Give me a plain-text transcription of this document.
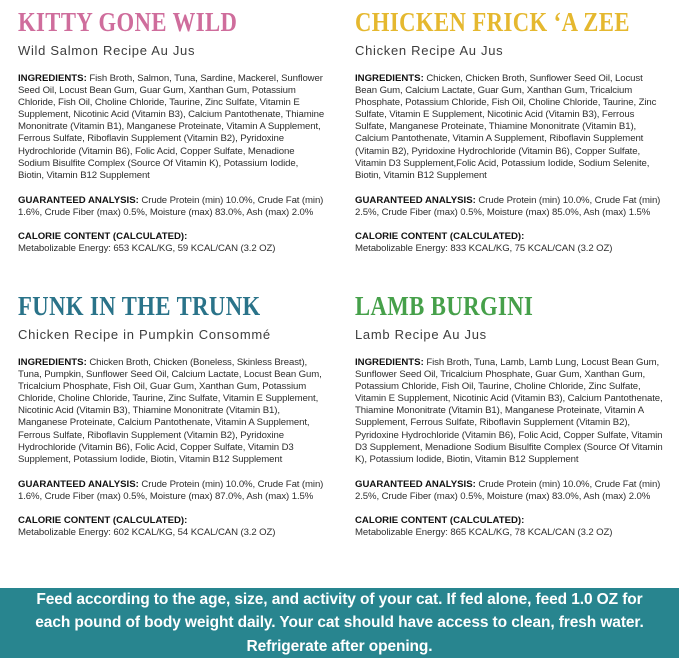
KITTY GONE WILD
Wild Salmon Recipe Au Jus

INGREDIENTS: Fish Broth, Salmon, Tuna, Sardine, Mackerel, Sunflower Seed Oil, Locust Bean Gum, Guar Gum, Xanthan Gum, Potassium Chloride, Fish Oil, Choline Chloride, Taurine, Zinc Sulfate, Vitamin E Supplement, Nicotinic Acid (Vitamin B3), Calcium Pantothenate, Thiamine Mononitrate (Vitamin B1), Manganese Proteinate, Vitamin A Supplement, Ferrous Sulfate, Riboflavin Supplement (Vitamin B2), Pyridoxine Hydrochloride (Vitamin B6), Folic Acid, Copper Sulfate, Menadione Sodium Bisulfite Complex (Source Of Vitamin K), Potassium Iodide, Biotin, Vitamin B12 Supplement

GUARANTEED ANALYSIS: Crude Protein (min) 10.0%, Crude Fat (min) 1.6%, Crude Fiber (max) 0.5%, Moisture (max) 83.0%, Ash (max) 2.0%

CALORIE CONTENT (CALCULATED):
Metabolizable Energy: 653 KCAL/KG, 59 KCAL/CAN (3.2 OZ)

CHICKEN FRICK ‘A ZEE
Chicken Recipe Au Jus

INGREDIENTS: Chicken, Chicken Broth, Sunflower Seed Oil, Locust Bean Gum, Calcium Lactate, Guar Gum, Xanthan Gum, Tricalcium Phosphate, Potassium Chloride, Fish Oil, Choline Chloride, Taurine, Zinc Sulfate, Vitamin E Supplement, Nicotinic Acid (Vitamin B3), Ferrous Sulfate, Manganese Proteinate, Thiamine Mononitrate (Vitamin B1), Calcium Pantothenate, Vitamin A Supplement, Riboflavin Supplement (Vitamin B2), Pyridoxine Hydrochloride (Vitamin B6), Copper Sulfate, Vitamin D3 Supplement,Folic Acid, Potassium Iodide, Sodium Selenite, Biotin, Vitamin B12 Supplement

GUARANTEED ANALYSIS: Crude Protein (min) 10.0%, Crude Fat (min) 2.5%, Crude Fiber (max) 0.5%, Moisture (max) 85.0%, Ash (max) 1.5%

CALORIE CONTENT (CALCULATED):
Metabolizable Energy: 833 KCAL/KG, 75 KCAL/CAN (3.2 OZ)

FUNK IN THE TRUNK
Chicken Recipe in Pumpkin Consommé

INGREDIENTS: Chicken Broth, Chicken (Boneless, Skinless Breast), Tuna, Pumpkin, Sunflower Seed Oil, Calcium Lactate, Locust Bean Gum, Tricalcium Phosphate, Fish Oil, Guar Gum, Xanthan Gum, Potassium Chloride, Choline Chloride, Taurine, Zinc Sulfate, Vitamin E Supplement, Nicotinic Acid (Vitamin B3), Thiamine Mononitrate (Vitamin B1), Manganese Proteinate, Calcium Pantothenate, Vitamin A Supplement, Ferrous Sulfate, Riboflavin Supplement (Vitamin B2), Pyridoxine Hydrochloride (Vitamin B6), Folic Acid, Copper Sulfate, Vitamin D3 Supplement, Potassium Iodide, Biotin, Vitamin B12 Supplement

GUARANTEED ANALYSIS: Crude Protein (min) 10.0%, Crude Fat (min) 1.6%, Crude Fiber (max) 0.5%, Moisture (max) 87.0%, Ash (max) 1.5%

CALORIE CONTENT (CALCULATED):
Metabolizable Energy: 602 KCAL/KG, 54 KCAL/CAN (3.2 OZ)

LAMB BURGINI
Lamb Recipe Au Jus

INGREDIENTS: Fish Broth, Tuna, Lamb, Lamb Lung, Locust Bean Gum, Sunflower Seed Oil, Tricalcium Phosphate, Guar Gum, Xanthan Gum, Potassium Chloride, Fish Oil, Taurine, Choline Chloride, Zinc Sulfate, Vitamin E Supplement, Nicotinic Acid (Vitamin B3), Calcium Pantothenate, Thiamine Mononitrate (Vitamin B1), Manganese Proteinate, Vitamin A Supplement, Ferrous Sulfate, Riboflavin Supplement (Vitamin B2), Pyridoxine Hydrochloride (Vitamin B6), Folic Acid, Copper Sulfate, Vitamin D3 Supplement, Menadione Sodium Bisulfite Complex (Source Of Vitamin K), Potassium Iodide, Biotin, Vitamin B12 Supplement

GUARANTEED ANALYSIS: Crude Protein (min) 10.0%, Crude Fat (min) 2.5%, Crude Fiber (max) 0.5%, Moisture (max) 83.0%, Ash (max) 2.0%

CALORIE CONTENT (CALCULATED):
Metabolizable Energy: 865 KCAL/KG, 78 KCAL/CAN (3.2 OZ)

Feed according to the age, size, and activity of your cat. If fed alone, feed 1.0 OZ for each pound of body weight daily. Your cat should have access to clean, fresh water. Refrigerate after opening.
